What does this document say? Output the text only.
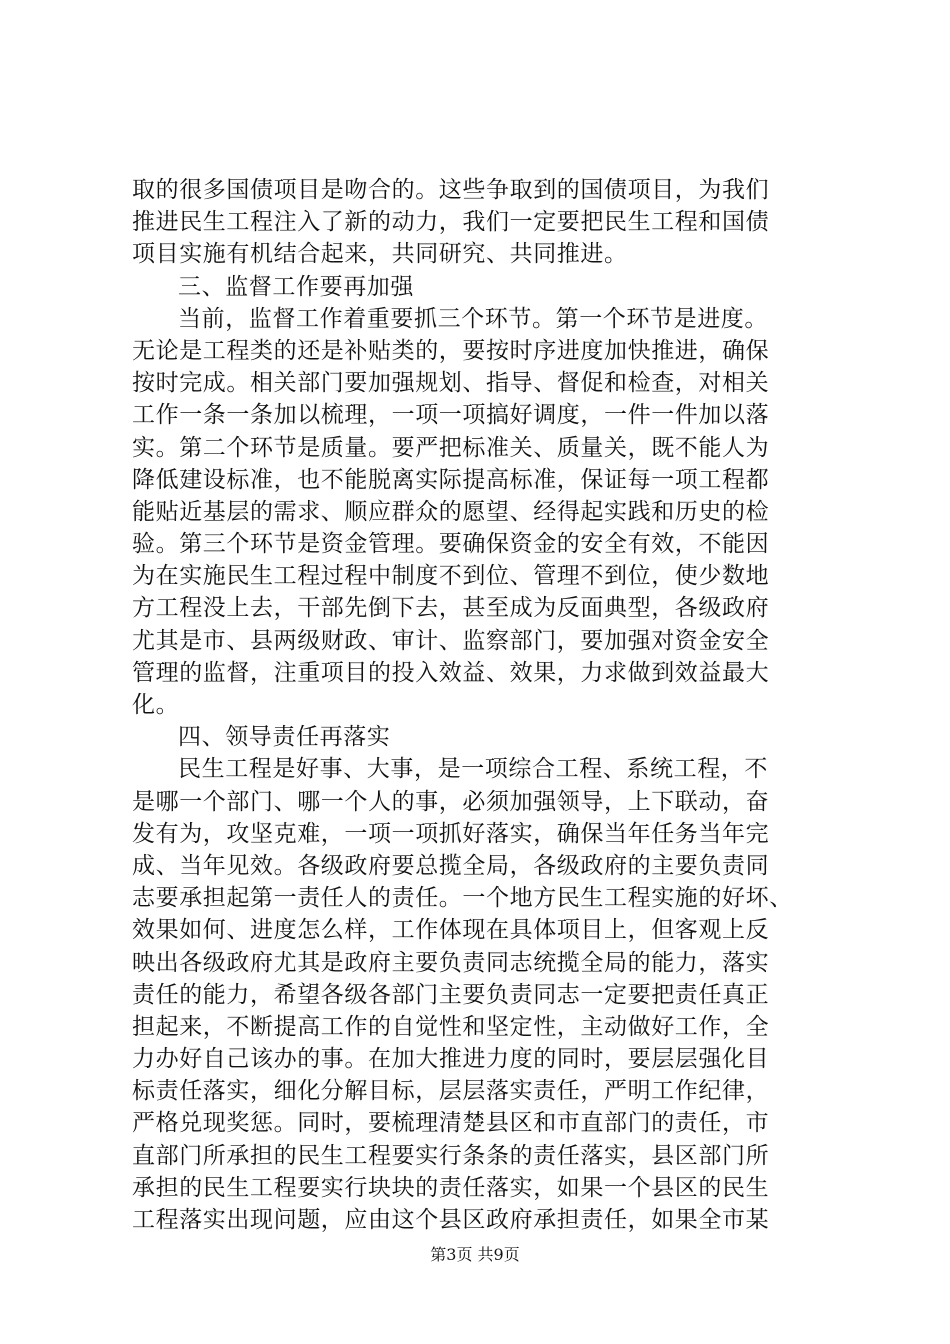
取的很多国债项目是吻合的。这些争取到的国债项目，为我们
推进民生工程注入了新的动力，我们一定要把民生工程和国债
项目实施有机结合起来，共同研究、共同推进。
三、监督工作要再加强
当前，监督工作着重要抓三个环节。第一个环节是进度。
无论是工程类的还是补贴类的，要按时序进度加快推进，确保
按时完成。相关部门要加强规划、指导、督促和检查，对相关
工作一条一条加以梳理，一项一项搞好调度，一件一件加以落
实。第二个环节是质量。要严把标准关、质量关，既不能人为
降低建设标准，也不能脱离实际提高标准，保证每一项工程都
能贴近基层的需求、顺应群众的愿望、经得起实践和历史的检
验。第三个环节是资金管理。要确保资金的安全有效，不能因
为在实施民生工程过程中制度不到位、管理不到位，使少数地
方工程没上去，干部先倒下去，甚至成为反面典型，各级政府
尤其是市、县两级财政、审计、监察部门，要加强对资金安全
管理的监督，注重项目的投入效益、效果，力求做到效益最大
化。
四、领导责任再落实
民生工程是好事、大事，是一项综合工程、系统工程，不
是哪一个部门、哪一个人的事，必须加强领导，上下联动，奋
发有为，攻坚克难，一项一项抓好落实，确保当年任务当年完
成、当年见效。各级政府要总揽全局，各级政府的主要负责同
志要承担起第一责任人的责任。一个地方民生工程实施的好坏、
效果如何、进度怎么样，工作体现在具体项目上，但客观上反
映出各级政府尤其是政府主要负责同志统揽全局的能力，落实
责任的能力，希望各级各部门主要负责同志一定要把责任真正
担起来，不断提高工作的自觉性和坚定性，主动做好工作，全
力办好自己该办的事。在加大推进力度的同时，要层层强化目
标责任落实，细化分解目标，层层落实责任，严明工作纪律，
严格兑现奖惩。同时，要梳理清楚县区和市直部门的责任，市
直部门所承担的民生工程要实行条条的责任落实，县区部门所
承担的民生工程要实行块块的责任落实，如果一个县区的民生
工程落实出现问题，应由这个县区政府承担责任，如果全市某
第3页 共9页
